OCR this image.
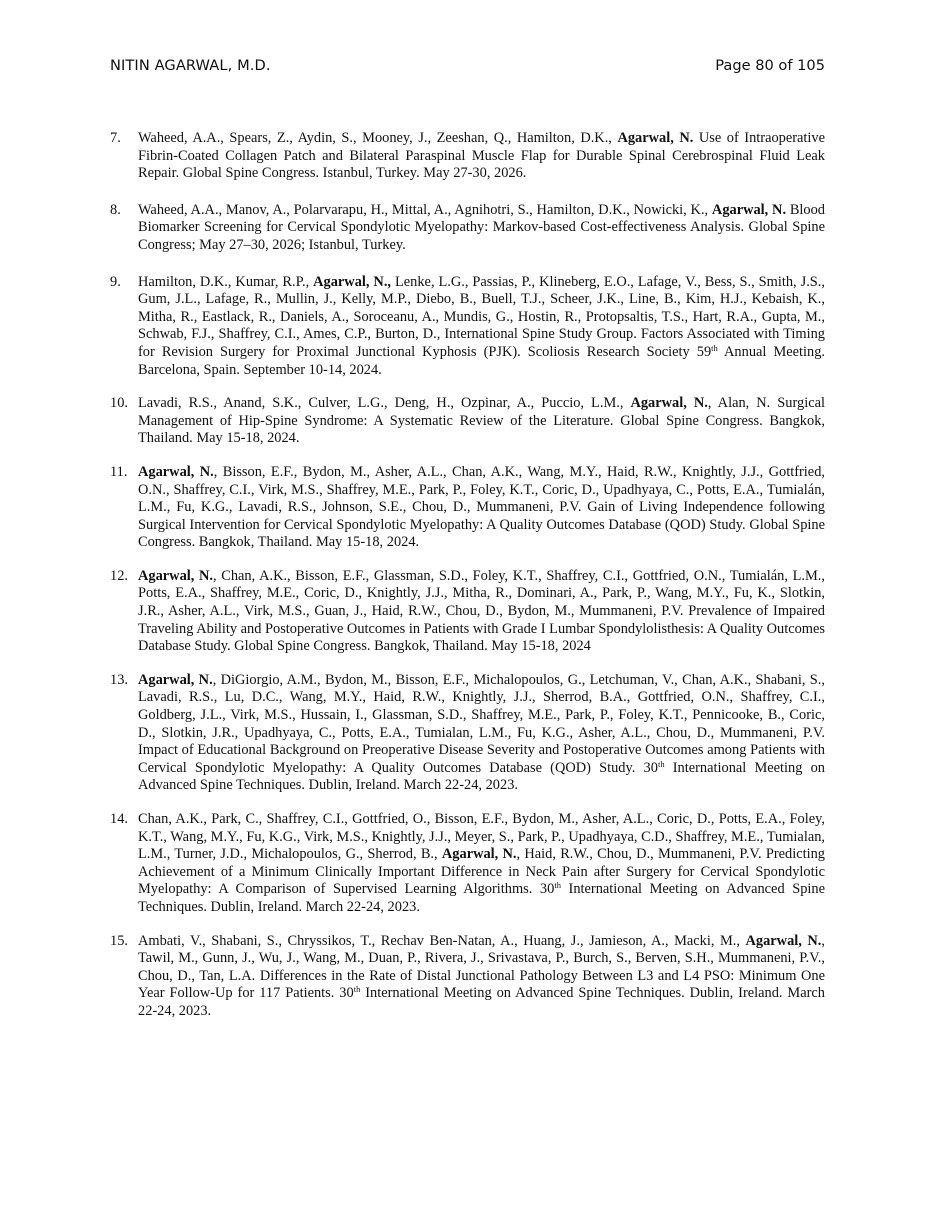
NITIN AGARWAL, M.D.	Page 80 of 105
7. Waheed, A.A., Spears, Z., Aydin, S., Mooney, J., Zeeshan, Q., Hamilton, D.K., Agarwal, N. Use of Intraoperative Fibrin-Coated Collagen Patch and Bilateral Paraspinal Muscle Flap for Durable Spinal Cerebrospinal Fluid Leak Repair. Global Spine Congress. Istanbul, Turkey. May 27-30, 2026.
8. Waheed, A.A., Manov, A., Polarvarapu, H., Mittal, A., Agnihotri, S., Hamilton, D.K., Nowicki, K., Agarwal, N. Blood Biomarker Screening for Cervical Spondylotic Myelopathy: Markov-based Cost-effectiveness Analysis. Global Spine Congress; May 27–30, 2026; Istanbul, Turkey.
9. Hamilton, D.K., Kumar, R.P., Agarwal, N., Lenke, L.G., Passias, P., Klineberg, E.O., Lafage, V., Bess, S., Smith, J.S., Gum, J.L., Lafage, R., Mullin, J., Kelly, M.P., Diebo, B., Buell, T.J., Scheer, J.K., Line, B., Kim, H.J., Kebaish, K., Mitha, R., Eastlack, R., Daniels, A., Soroceanu, A., Mundis, G., Hostin, R., Protopsaltis, T.S., Hart, R.A., Gupta, M., Schwab, F.J., Shaffrey, C.I., Ames, C.P., Burton, D., International Spine Study Group. Factors Associated with Timing for Revision Surgery for Proximal Junctional Kyphosis (PJK). Scoliosis Research Society 59th Annual Meeting. Barcelona, Spain. September 10-14, 2024.
10. Lavadi, R.S., Anand, S.K., Culver, L.G., Deng, H., Ozpinar, A., Puccio, L.M., Agarwal, N., Alan, N. Surgical Management of Hip-Spine Syndrome: A Systematic Review of the Literature. Global Spine Congress. Bangkok, Thailand. May 15-18, 2024.
11. Agarwal, N., Bisson, E.F., Bydon, M., Asher, A.L., Chan, A.K., Wang, M.Y., Haid, R.W., Knightly, J.J., Gottfried, O.N., Shaffrey, C.I., Virk, M.S., Shaffrey, M.E., Park, P., Foley, K.T., Coric, D., Upadhyaya, C., Potts, E.A., Tumialán, L.M., Fu, K.G., Lavadi, R.S., Johnson, S.E., Chou, D., Mummaneni, P.V. Gain of Living Independence following Surgical Intervention for Cervical Spondylotic Myelopathy: A Quality Outcomes Database (QOD) Study. Global Spine Congress. Bangkok, Thailand. May 15-18, 2024.
12. Agarwal, N., Chan, A.K., Bisson, E.F., Glassman, S.D., Foley, K.T., Shaffrey, C.I., Gottfried, O.N., Tumialán, L.M., Potts, E.A., Shaffrey, M.E., Coric, D., Knightly, J.J., Mitha, R., Dominari, A., Park, P., Wang, M.Y., Fu, K., Slotkin, J.R., Asher, A.L., Virk, M.S., Guan, J., Haid, R.W., Chou, D., Bydon, M., Mummaneni, P.V. Prevalence of Impaired Traveling Ability and Postoperative Outcomes in Patients with Grade I Lumbar Spondylolisthesis: A Quality Outcomes Database Study. Global Spine Congress. Bangkok, Thailand. May 15-18, 2024
13. Agarwal, N., DiGiorgio, A.M., Bydon, M., Bisson, E.F., Michalopoulos, G., Letchuman, V., Chan, A.K., Shabani, S., Lavadi, R.S., Lu, D.C., Wang, M.Y., Haid, R.W., Knightly, J.J., Sherrod, B.A., Gottfried, O.N., Shaffrey, C.I., Goldberg, J.L., Virk, M.S., Hussain, I., Glassman, S.D., Shaffrey, M.E., Park, P., Foley, K.T., Pennicooke, B., Coric, D., Slotkin, J.R., Upadhyaya, C., Potts, E.A., Tumialan, L.M., Fu, K.G., Asher, A.L., Chou, D., Mummaneni, P.V. Impact of Educational Background on Preoperative Disease Severity and Postoperative Outcomes among Patients with Cervical Spondylotic Myelopathy: A Quality Outcomes Database (QOD) Study. 30th International Meeting on Advanced Spine Techniques. Dublin, Ireland. March 22-24, 2023.
14. Chan, A.K., Park, C., Shaffrey, C.I., Gottfried, O., Bisson, E.F., Bydon, M., Asher, A.L., Coric, D., Potts, E.A., Foley, K.T., Wang, M.Y., Fu, K.G., Virk, M.S., Knightly, J.J., Meyer, S., Park, P., Upadhyaya, C.D., Shaffrey, M.E., Tumialan, L.M., Turner, J.D., Michalopoulos, G., Sherrod, B., Agarwal, N., Haid, R.W., Chou, D., Mummaneni, P.V. Predicting Achievement of a Minimum Clinically Important Difference in Neck Pain after Surgery for Cervical Spondylotic Myelopathy: A Comparison of Supervised Learning Algorithms. 30th International Meeting on Advanced Spine Techniques. Dublin, Ireland. March 22-24, 2023.
15. Ambati, V., Shabani, S., Chryssikos, T., Rechav Ben-Natan, A., Huang, J., Jamieson, A., Macki, M., Agarwal, N., Tawil, M., Gunn, J., Wu, J., Wang, M., Duan, P., Rivera, J., Srivastava, P., Burch, S., Berven, S.H., Mummaneni, P.V., Chou, D., Tan, L.A. Differences in the Rate of Distal Junctional Pathology Between L3 and L4 PSO: Minimum One Year Follow-Up for 117 Patients. 30th International Meeting on Advanced Spine Techniques. Dublin, Ireland. March 22-24, 2023.
